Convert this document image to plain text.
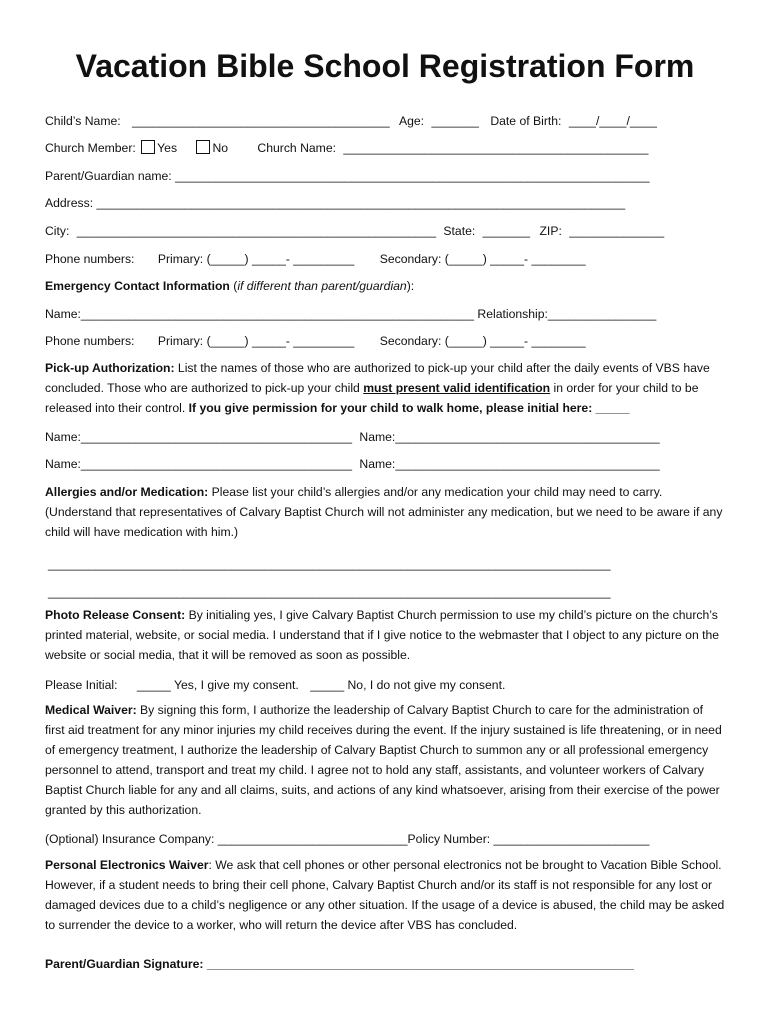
Vacation Bible School Registration Form
Child’s Name: ______________________________________ Age: _______ Date of Birth: ____/____/____
Church Member: Yes	No Church Name: _____________________________________________
Parent/Guardian name: ______________________________________________________________________
Address: ______________________________________________________________________________
City: _____________________________________________________ State: _______ ZIP: ______________
Phone numbers: Primary: (_____) _____- _________ Secondary: (_____) _____- ________
Emergency Contact Information (if different than parent/guardian):
Name:__________________________________________________________ Relationship:________________
Phone numbers: Primary: (_____) _____- _________ Secondary: (_____) _____- ________
Pick-up Authorization: List the names of those who are authorized to pick-up your child after the daily events of VBS have concluded. Those who are authorized to pick-up your child must present valid identification in order for your child to be released into their control. If you give permission for your child to walk home, please initial here: _____
Name:________________________________________ Name:_______________________________________
Name:________________________________________ Name:_______________________________________
Allergies and/or Medication: Please list your child’s allergies and/or any medication your child may need to carry. (Understand that representatives of Calvary Baptist Church will not administer any medication, but we need to be aware if any child will have medication with him.)
___________________________________________________________________________________
___________________________________________________________________________________
Photo Release Consent: By initialing yes, I give Calvary Baptist Church permission to use my child’s picture on the church’s printed material, website, or social media. I understand that if I give notice to the webmaster that I object to any picture on the website or social media, that it will be removed as soon as possible.
Please Initial: _____ Yes, I give my consent. _____ No, I do not give my consent.
Medical Waiver: By signing this form, I authorize the leadership of Calvary Baptist Church to care for the administration of first aid treatment for any minor injuries my child receives during the event. If the injury sustained is life threatening, or in need of emergency treatment, I authorize the leadership of Calvary Baptist Church to summon any or all professional emergency personnel to attend, transport and treat my child. I agree not to hold any staff, assistants, and volunteer workers of Calvary Baptist Church liable for any and all claims, suits, and actions of any kind whatsoever, arising from their exercise of the power granted by this authorization.
(Optional) Insurance Company: ____________________________Policy Number: _______________________
Personal Electronics Waiver: We ask that cell phones or other personal electronics not be brought to Vacation Bible School. However, if a student needs to bring their cell phone, Calvary Baptist Church and/or its staff is not responsible for any lost or damaged devices due to a child’s negligence or any other situation. If the usage of a device is abused, the child may be asked to surrender the device to a worker, who will return the device after VBS has concluded.
Parent/Guardian Signature: _______________________________________________________________
